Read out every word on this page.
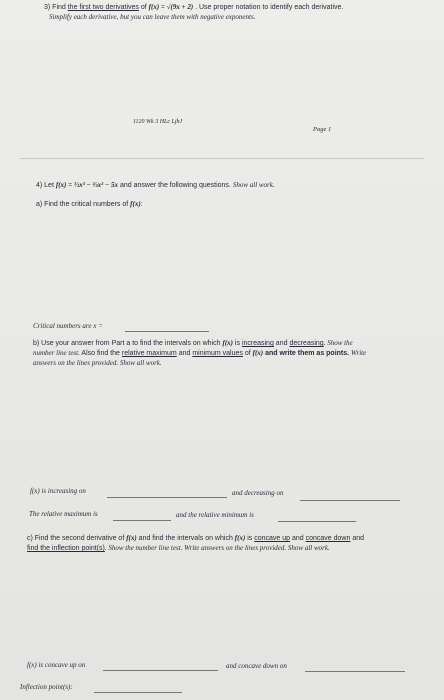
3) Find the first two derivatives of f(x) = √(9x + 2) . Use proper notation to identify each derivative.
Simplify each derivative, but you can leave them with negative exponents.
1120 Wk 3 HLc LjhJ
Page 1
4) Let f(x) = ⅓x³ − ⅔x² − 5x and answer the following questions. Show all work.
a) Find the critical numbers of f(x):
Critical numbers are x =
b) Use your answer from Part a to find the intervals on which f(x) is increasing and decreasing. Show the
number line test. Also find the relative maximum and minimum values of f(x) and write them as points. Write
answers on the lines provided. Show all work.
f(x) is increasing on	and decreasing on
The relative maximum is	and the relative minimum is
c) Find the second derivative of f(x) and find the intervals on which f(x) is concave up and concave down and
find the inflection point(s). Show the number line test. Write answers on the lines provided. Show all work.
f(x) is concave up on	and concave down on
Inflection point(s):
